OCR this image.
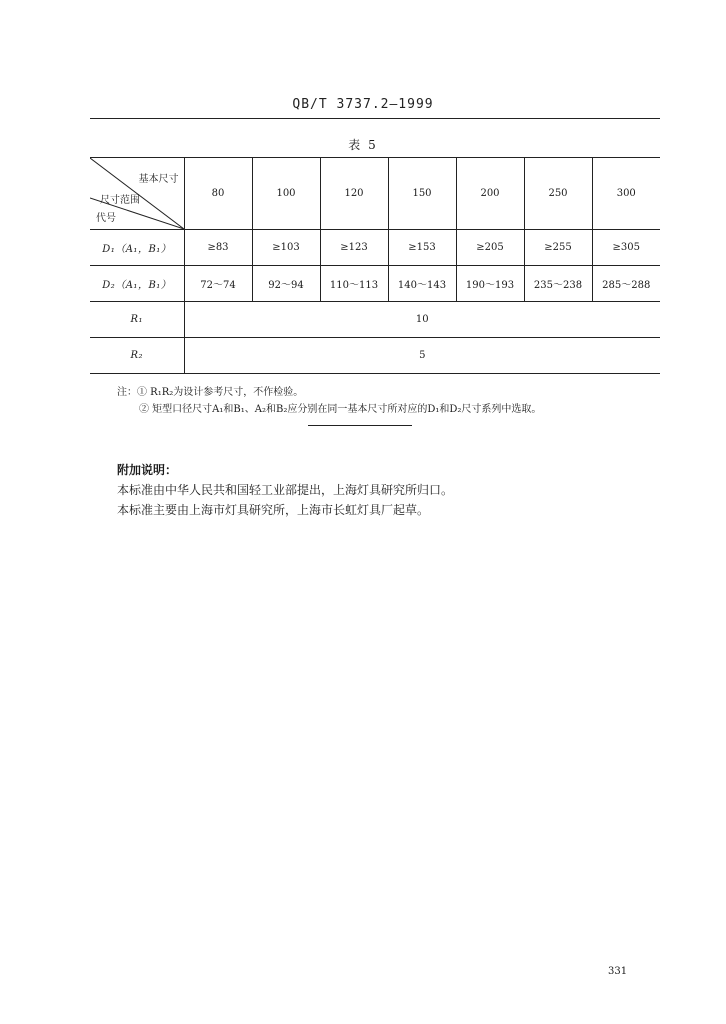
QB/T 3737.2—1999
表 5
基本尺寸
尺寸范围
代号	80	100	120	150	200	250	300
D₁（A₁，B₁）	≥83	≥103	≥123	≥153	≥205	≥255	≥305
D₂（A₁，B₁）	72～74	92～94	110～113	140～143	190～193	235～238	285～288
R₁	10						
R₂	5						
注：① R₁R₂为设计参考尺寸，不作检验。
② 矩型口径尺寸A₁和B₁、A₂和B₂应分别在同一基本尺寸所对应的D₁和D₂尺寸系列中选取。
附加说明：
本标准由中华人民共和国轻工业部提出，上海灯具研究所归口。
本标准主要由上海市灯具研究所，上海市长虹灯具厂起草。
331
